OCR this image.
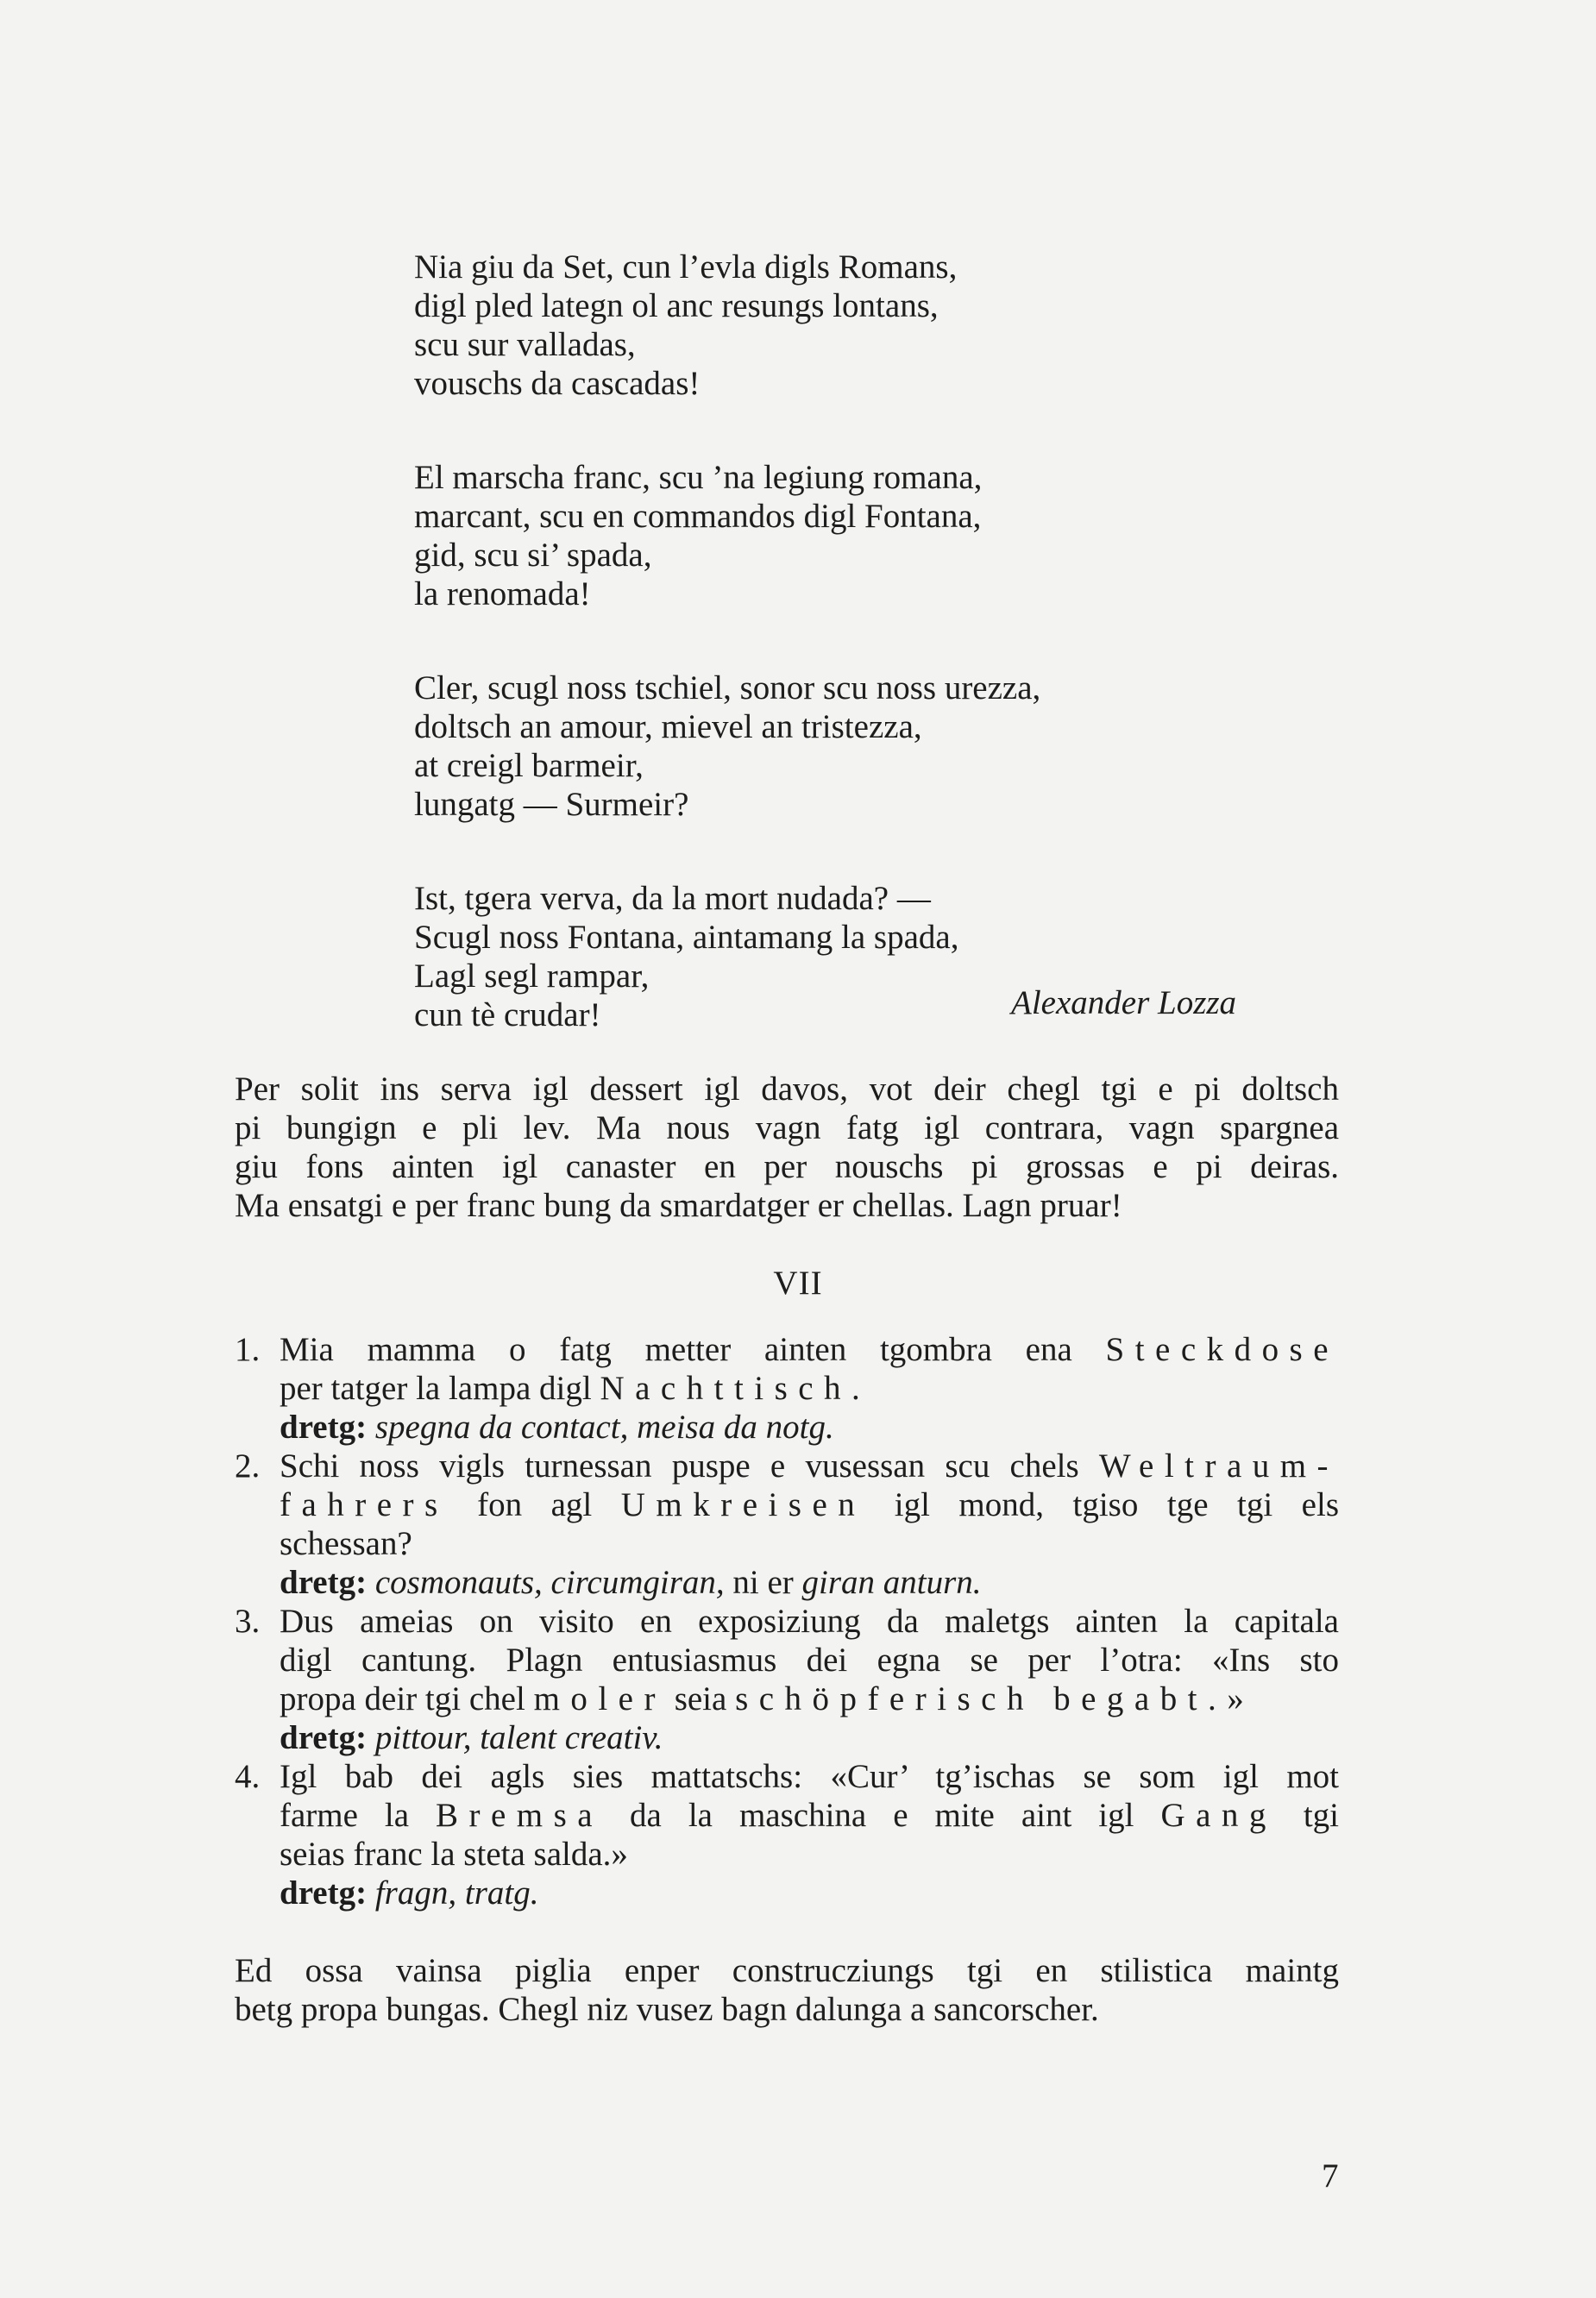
Nia giu da Set, cun l’evla digls Romans,
digl pled lategn ol anc resungs lontans,
scu sur valladas,
vouschs da cascadas!
El marscha franc, scu ’na legiung romana,
marcant, scu en commandos digl Fontana,
gid, scu si’ spada,
la renomada!
Cler, scugl noss tschiel, sonor scu noss urezza,
doltsch an amour, mievel an tristezza,
at creigl barmeir,
lungatg — Surmeir?
Ist, tgera verva, da la mort nudada? —
Scugl noss Fontana, aintamang la spada,
Lagl segl rampar,
cun tè crudar!	Alexander Lozza
Per solit ins serva igl dessert igl davos, vot deir chegl tgi e pi doltsch
pi bungign e pli lev. Ma nous vagn fatg igl contrara, vagn spargnea
giu fons ainten igl canaster en per nouschs pi grossas e pi deiras.
Ma ensatgi e per franc bung da smardatger er chellas. Lagn pruar!
VII
1. Mia mamma o fatg metter ainten tgombra ena Steckdose
per tatger la lampa digl Nachttisch.
dretg: spegna da contact, meisa da notg.
2. Schi noss vigls turnessan puspe e vusessan scu chels Weltraum-
fahrers fon agl Umkreisen igl mond, tgiso tge tgi els
schessan?
dretg: cosmonauts, circumgiran, ni er giran anturn.
3. Dus ameias on visito en exposiziung da maletgs ainten la capitala
digl cantung. Plagn entusiasmus dei egna se per l’otra: «Ins sto
propa deir tgi chel moler seia schöpferisch begabt.»
dretg: pittour, talent creativ.
4. Igl bab dei agls sies mattatschs: «Cur’ tg’ischas se som igl mot
farme la Bremsa da la maschina e mite aint igl Gang tgi
seias franc la steta salda.»
dretg: fragn, tratg.
Ed ossa vainsa piglia enper construcziungs tgi en stilistica maintg
betg propa bungas. Chegl niz vusez bagn dalunga a sancorscher.
7
